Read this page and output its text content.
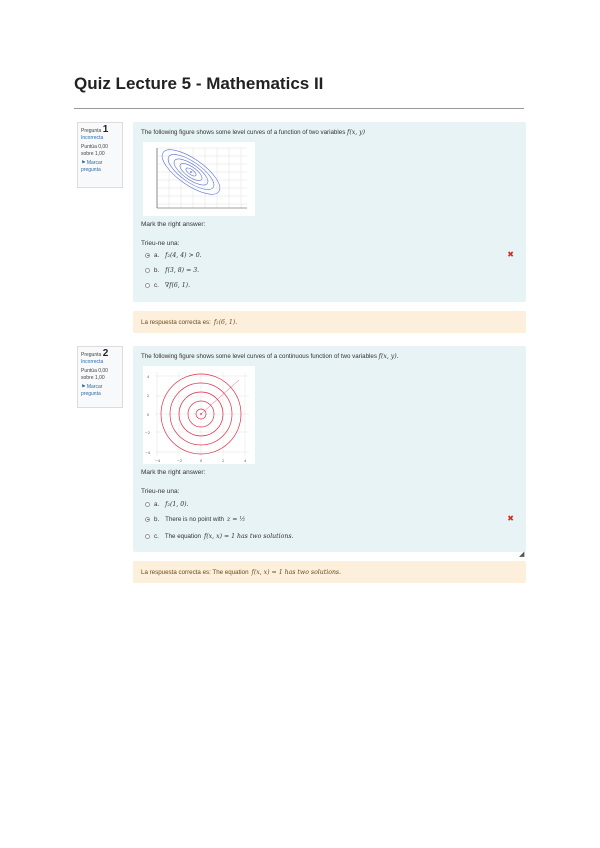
Quiz Lecture 5 - Mathematics II
Pregunta 1
Incorrecta
Puntúa 0,00 sobre 1,00
⚑ Marcar pregunta
The following figure shows some level curves of a function of two variables f(x, y)
Mark the right answer:
Trieu-ne una:
a. f₂(4, 4) > 0.	✖
b. f(3, 8) = 3.
c. ∇f(6, 1).
La respuesta correcta es: f₂(6, 1).
Pregunta 2
Incorrecta
Puntúa 0,00 sobre 1,00
⚑ Marcar pregunta
The following figure shows some level curves of a continuous function of two variables f(x, y).
4
2
0
−2
−4
−4	−2	0	2	4
Mark the right answer:
Trieu-ne una:
a. f₂(1, 0).
b. There is no point with z = ½	✖
c. The equation f(x, x) = 1 has two solutions.
◢
La respuesta correcta es: The equation f(x, x) = 1 has two solutions.
